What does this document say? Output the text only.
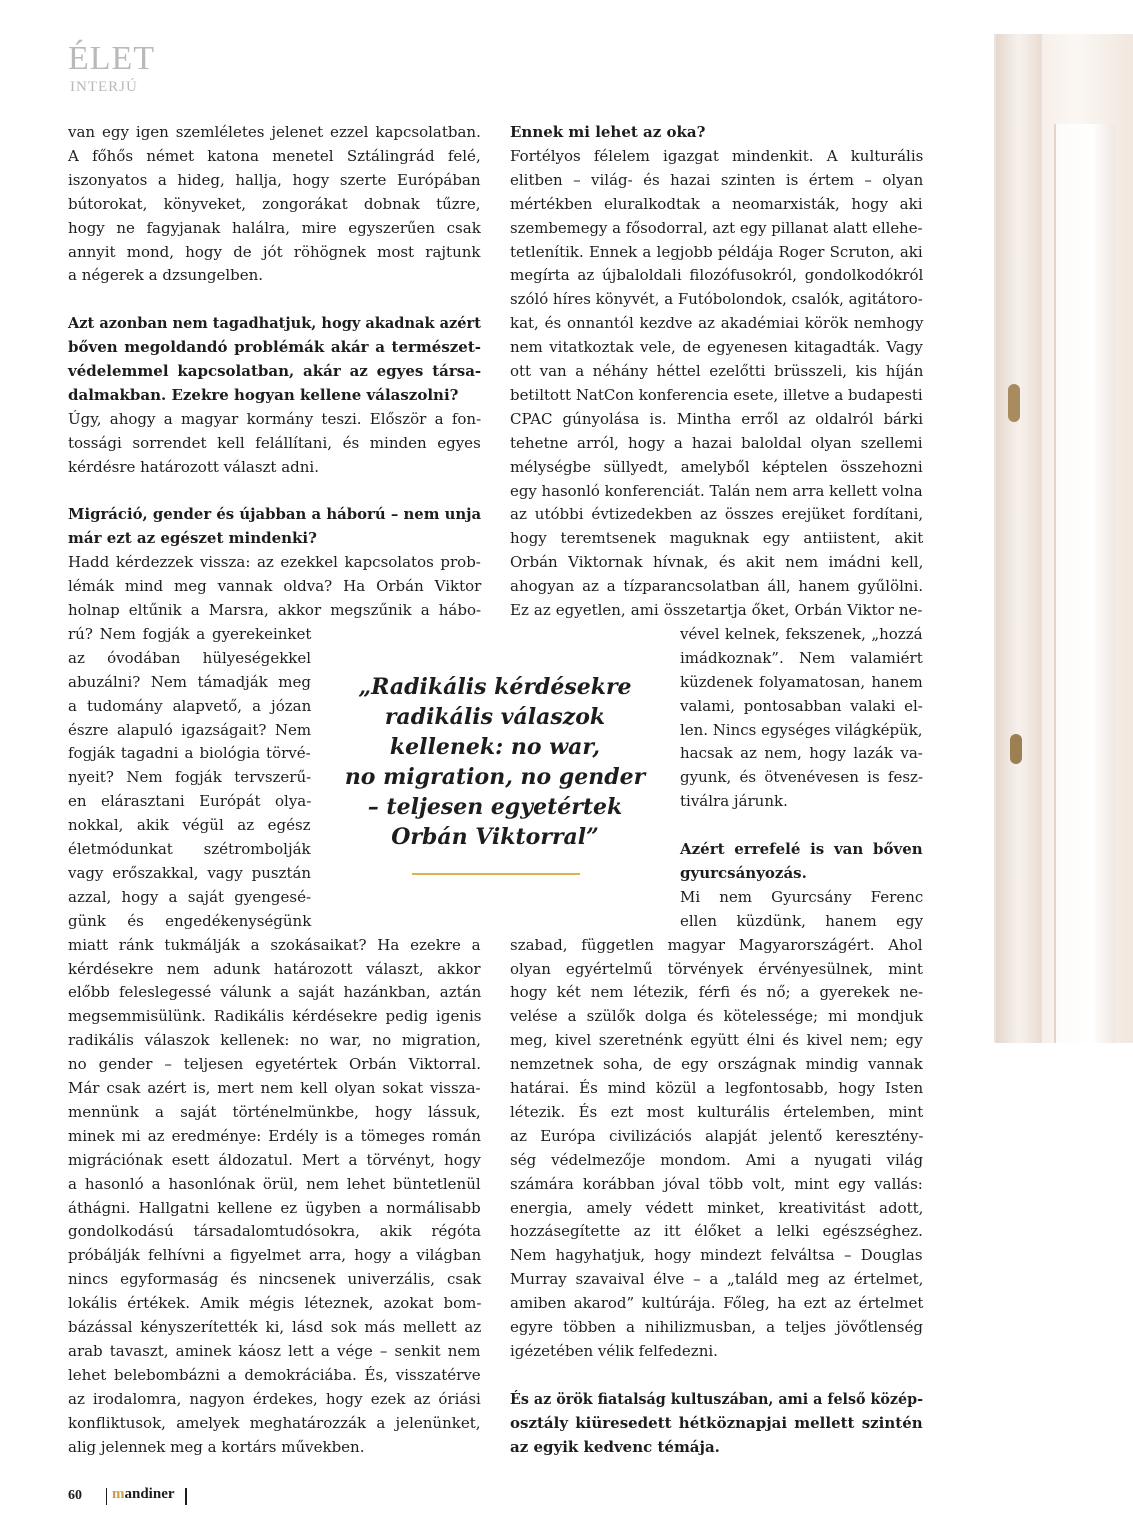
ÉLET
INTERJÚ
van egy igen szemléletes jelenet ezzel kapcsolatban.
A főhős német katona menetel Sztálingrád felé,
iszonyatos a hideg, hallja, hogy szerte Európában
bútorokat, könyveket, zongorákat dobnak tűzre,
hogy ne fagyjanak halálra, mire egyszerűen csak
annyit mond, hogy de jót röhögnek most rajtunk
a négerek a dzsungelben.
Azt azonban nem tagadhatjuk, hogy akadnak azért
bőven megoldandó problémák akár a természet-
védelemmel kapcsolatban, akár az egyes társa-
dalmakban. Ezekre hogyan kellene válaszolni?
Úgy, ahogy a magyar kormány teszi. Először a fon-
tossági sorrendet kell felállítani, és minden egyes
kérdésre határozott választ adni.
Migráció, gender és újabban a háború – nem unja
már ezt az egészet mindenki?
Hadd kérdezzek vissza: az ezekkel kapcsolatos prob-
lémák mind meg vannak oldva? Ha Orbán Viktor
holnap eltűnik a Marsra, akkor megszűnik a hábo-
rú? Nem fogják a gyerekeinket
az óvodában hülyeségekkel
abuzálni? Nem támadják meg
a tudomány alapvető, a józan
észre alapuló igazságait? Nem
fogják tagadni a biológia törvé-
nyeit? Nem fogják tervszerű-
en elárasztani Európát olya-
nokkal, akik végül az egész
életmódunkat szétrombolják
vagy erőszakkal, vagy pusztán
azzal, hogy a saját gyengesé-
günk és engedékenységünk
miatt ránk tukmálják a szokásaikat? Ha ezekre a
kérdésekre nem adunk határozott választ, akkor
előbb feleslegessé válunk a saját hazánkban, aztán
megsemmisülünk. Radikális kérdésekre pedig igenis
radikális válaszok kellenek: no war, no migration,
no gender – teljesen egyetértek Orbán Viktorral.
Már csak azért is, mert nem kell olyan sokat vissza-
mennünk a saját történelmünkbe, hogy lássuk,
minek mi az eredménye: Erdély is a tömeges román
migrációnak esett áldozatul. Mert a törvényt, hogy
a hasonló a hasonlónak örül, nem lehet büntetlenül
áthágni. Hallgatni kellene ez ügyben a normálisabb
gondolkodású társadalomtudósokra, akik régóta
próbálják felhívni a figyelmet arra, hogy a világban
nincs egyformaság és nincsenek univerzális, csak
lokális értékek. Amik mégis léteznek, azokat bom-
bázással kényszerítették ki, lásd sok más mellett az
arab tavaszt, aminek káosz lett a vége – senkit nem
lehet belebombázni a demokráciába. És, visszatérve
az irodalomra, nagyon érdekes, hogy ezek az óriási
konfliktusok, amelyek meghatározzák a jelenünket,
alig jelennek meg a kortárs művekben.
Ennek mi lehet az oka?
Fortélyos félelem igazgat mindenkit. A kulturális
elitben – világ- és hazai szinten is értem – olyan
mértékben eluralkodtak a neomarxisták, hogy aki
szembemegy a fősodorral, azt egy pillanat alatt ellehe-
tetlenítik. Ennek a legjobb példája Roger Scruton, aki
megírta az újbaloldali filozófusokról, gondolkodókról
szóló híres könyvét, a Futóbolondok, csalók, agitátoro-
kat, és onnantól kezdve az akadémiai körök nemhogy
nem vitatkoztak vele, de egyenesen kitagadták. Vagy
ott van a néhány héttel ezelőtti brüsszeli, kis híján
betiltott NatCon konferencia esete, illetve a budapesti
CPAC gúnyolása is. Mintha erről az oldalról bárki
tehetne arról, hogy a hazai baloldal olyan szellemi
mélységbe süllyedt, amelyből képtelen összehozni
egy hasonló konferenciát. Talán nem arra kellett volna
az utóbbi évtizedekben az összes erejüket fordítani,
hogy teremtsenek maguknak egy antiistent, akit
Orbán Viktornak hívnak, és akit nem imádni kell,
ahogyan az a tízparancsolatban áll, hanem gyűlölni.
Ez az egyetlen, ami összetartja őket, Orbán Viktor ne-
vével kelnek, fekszenek, „hozzá
imádkoznak”. Nem valamiért
küzdenek folyamatosan, hanem
valami, pontosabban valaki el-
len. Nincs egységes világképük,
hacsak az nem, hogy lazák va-
gyunk, és ötvenévesen is fesz-
tiválra járunk.
Azért errefelé is van bőven
gyurcsányozás.
Mi nem Gyurcsány Ferenc
ellen küzdünk, hanem egy
szabad, független magyar Magyarországért. Ahol
olyan egyértelmű törvények érvényesülnek, mint
hogy két nem létezik, férfi és nő; a gyerekek ne-
velése a szülők dolga és kötelessége; mi mondjuk
meg, kivel szeretnénk együtt élni és kivel nem; egy
nemzetnek soha, de egy országnak mindig vannak
határai. És mind közül a legfontosabb, hogy Isten
létezik. És ezt most kulturális értelemben, mint
az Európa civilizációs alapját jelentő keresztény-
ség védelmezője mondom. Ami a nyugati világ
számára korábban jóval több volt, mint egy vallás:
energia, amely védett minket, kreativitást adott,
hozzásegítette az itt élőket a lelki egészséghez.
Nem hagyhatjuk, hogy mindezt felváltsa – Douglas
Murray szavaival élve – a „találd meg az értelmet,
amiben akarod” kultúrája. Főleg, ha ezt az értelmet
egyre többen a nihilizmusban, a teljes jövőtlenség
igézetében vélik felfedezni.
És az örök fiatalság kultuszában, ami a felső közép-
osztály kiüresedett hétköznapjai mellett szintén
az egyik kedvenc témája.
„Radikális kérdésekre
radikális válaszok
kellenek: no war,
no migration, no gender
– teljesen egyetértek
Orbán Viktorral”
60 mandiner
